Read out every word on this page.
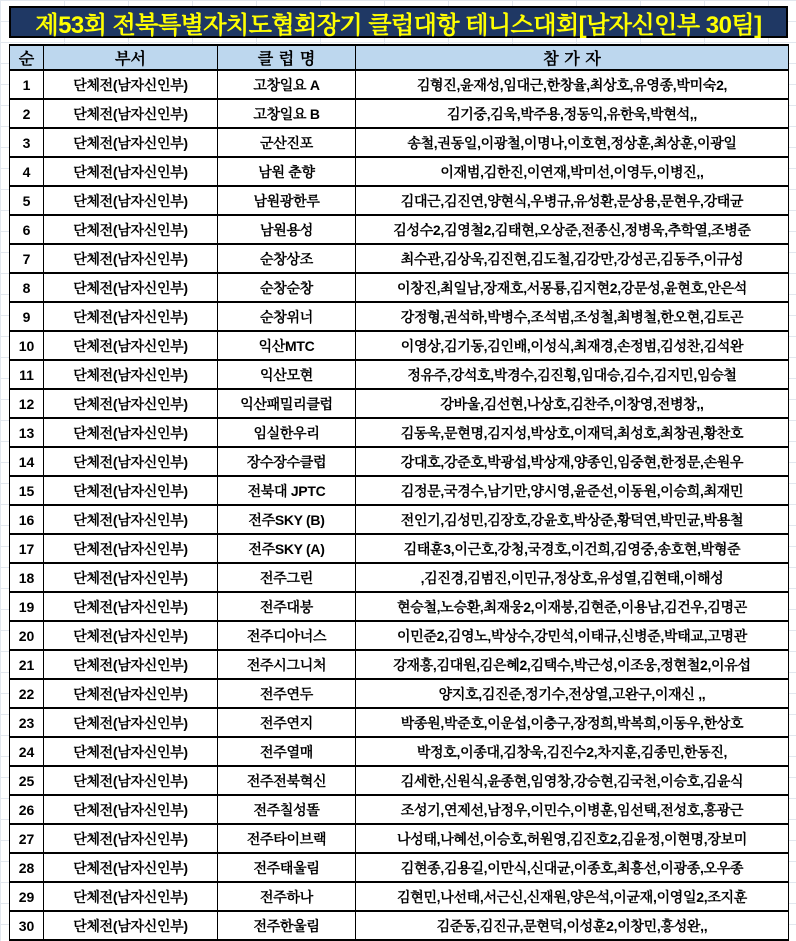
제53회 전북특별자치도협회장기 클럽대항 테니스대회[남자신인부 30팀]
순	부서	클럽명	참가자
1	단체전(남자신인부)	고창일요 A	김형진,윤재성,임대근,한창율,최상호,유영종,박미숙2,
2	단체전(남자신인부)	고창일요 B	김기중,김욱,박주용,정동익,유한욱,박현석,,
3	단체전(남자신인부)	군산진포	송철,권동일,이광철,이명나,이호현,정상훈,최상훈,이광일
4	단체전(남자신인부)	남원 춘향	이재범,김한진,이연재,박미선,이영두,이병진,,
5	단체전(남자신인부)	남원광한루	김대근,김진연,양현식,우병규,유성환,문상용,문현우,강태균
6	단체전(남자신인부)	남원용성	김성수2,김영철2,김태현,오상준,전종신,정병욱,추학열,조병준
7	단체전(남자신인부)	순창상조	최수관,김상욱,김진현,김도철,김강만,강성곤,김동주,이규성
8	단체전(남자신인부)	순창순창	이창진,최일남,장재호,서몽룡,김지현2,강문성,윤현호,안은석
9	단체전(남자신인부)	순창위너	강정형,권석하,박병수,조석범,조성철,최병철,한오현,김토곤
10	단체전(남자신인부)	익산MTC	이영상,김기동,김인배,이성식,최재경,손정범,김성찬,김석완
11	단체전(남자신인부)	익산모현	정유주,강석호,박경수,김진횡,임대승,김수,김지민,임승철
12	단체전(남자신인부)	익산패밀리클럽	강바울,김선현,나상호,김찬주,이창영,전병창,,
13	단체전(남자신인부)	임실한우리	김동욱,문현명,김지성,박상호,이재덕,최성호,최창권,황찬호
14	단체전(남자신인부)	장수장수클럽	강대호,강준호,박광섭,박상재,양종인,임중현,한정문,손원우
15	단체전(남자신인부)	전북대 JPTC	김정문,국경수,남기만,양시영,윤준선,이동원,이승희,최재민
16	단체전(남자신인부)	전주SKY (B)	전인기,김성민,김장호,강윤호,박상준,황덕연,박민균,박용철
17	단체전(남자신인부)	전주SKY (A)	김태훈3,이근호,강청,국경호,이건희,김영중,송호현,박형준
18	단체전(남자신인부)	전주그린	,김진경,김범진,이민규,정상호,유성열,김현태,이해성
19	단체전(남자신인부)	전주대붕	현승철,노승환,최재웅2,이재붕,김현준,이용남,김건우,김명곤
20	단체전(남자신인부)	전주디아너스	이민준2,김영노,박상수,강민석,이태규,신병준,박태교,고명관
21	단체전(남자신인부)	전주시그니처	강재홍,김대원,김은혜2,김택수,박근성,이조웅,정현철2,이유섭
22	단체전(남자신인부)	전주연두	양지호,김진준,정기수,전상열,고완구,이재신 ,,
23	단체전(남자신인부)	전주연지	박종원,박준호,이운섭,이충구,장정희,박복희,이동우,한상호
24	단체전(남자신인부)	전주열매	박정호,이종대,김창욱,김진수2,차지훈,김종민,한동진,
25	단체전(남자신인부)	전주전북혁신	김세한,신원식,윤종현,임영창,강승현,김국천,이승호,김윤식
26	단체전(남자신인부)	전주칠성똘	조성기,연제선,남정우,이민수,이병훈,임선택,전성호,홍광근
27	단체전(남자신인부)	전주타이브랙	나성태,나혜선,이승호,허원영,김진호2,김윤정,이현명,장보미
28	단체전(남자신인부)	전주태울림	김현종,김용길,이만식,신대균,이종호,최흥선,이광종,오우종
29	단체전(남자신인부)	전주하나	김현민,나선태,서근신,신재원,양은석,이균재,이영일2,조지훈
30	단체전(남자신인부)	전주한울림	김준동,김진규,문현덕,이성훈2,이창민,홍성완,,
